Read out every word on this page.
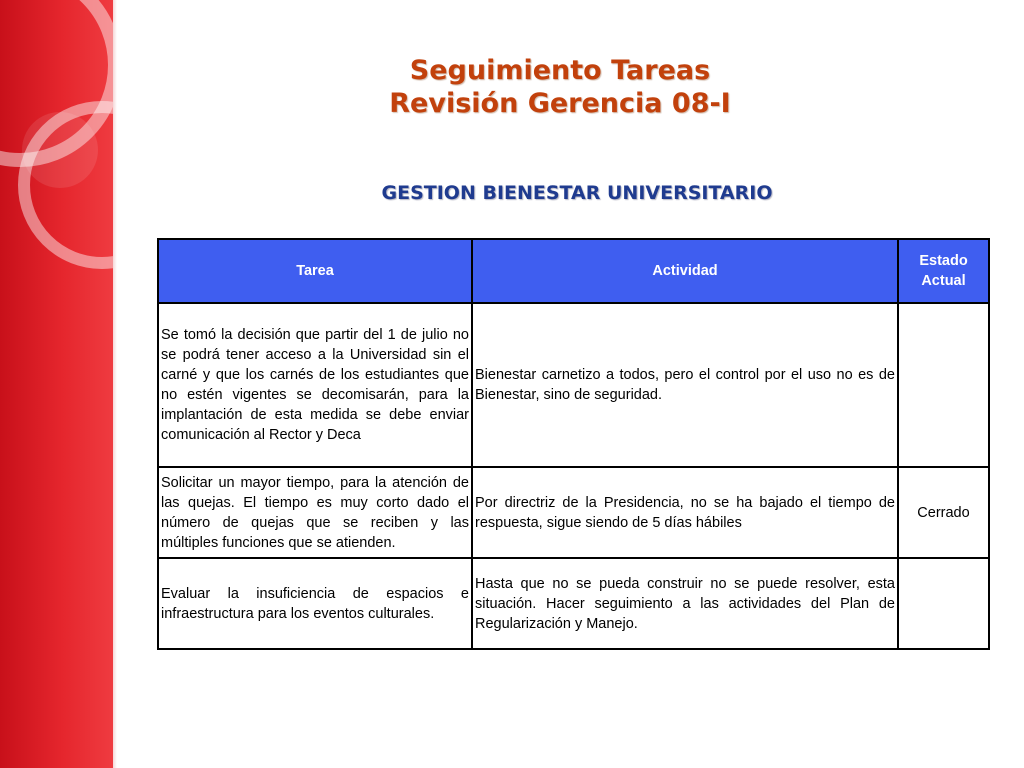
Seguimiento Tareas
Revisión Gerencia 08-I
GESTION BIENESTAR UNIVERSITARIO
Tarea	Actividad	Estado Actual
Se tomó la decisión que partir del 1 de julio no se podrá tener acceso a la Universidad sin el carné y que los carnés de los estudiantes que no estén vigentes se decomisarán, para la implantación de esta medida se debe enviar comunicación al Rector y Deca	Bienestar carnetizo a todos, pero el control por el uso no es de Bienestar, sino de seguridad.	
Solicitar un mayor tiempo, para la atención de las quejas. El tiempo es muy corto dado el número de quejas que se reciben y las múltiples funciones que se atienden.	Por directriz de la Presidencia, no se ha bajado el tiempo de respuesta, sigue siendo de 5 días hábiles	Cerrado
Evaluar la insuficiencia de espacios e infraestructura para los eventos culturales.	Hasta que no se pueda construir no se puede resolver, esta situación. Hacer seguimiento a las actividades del Plan de Regularización y Manejo.	
